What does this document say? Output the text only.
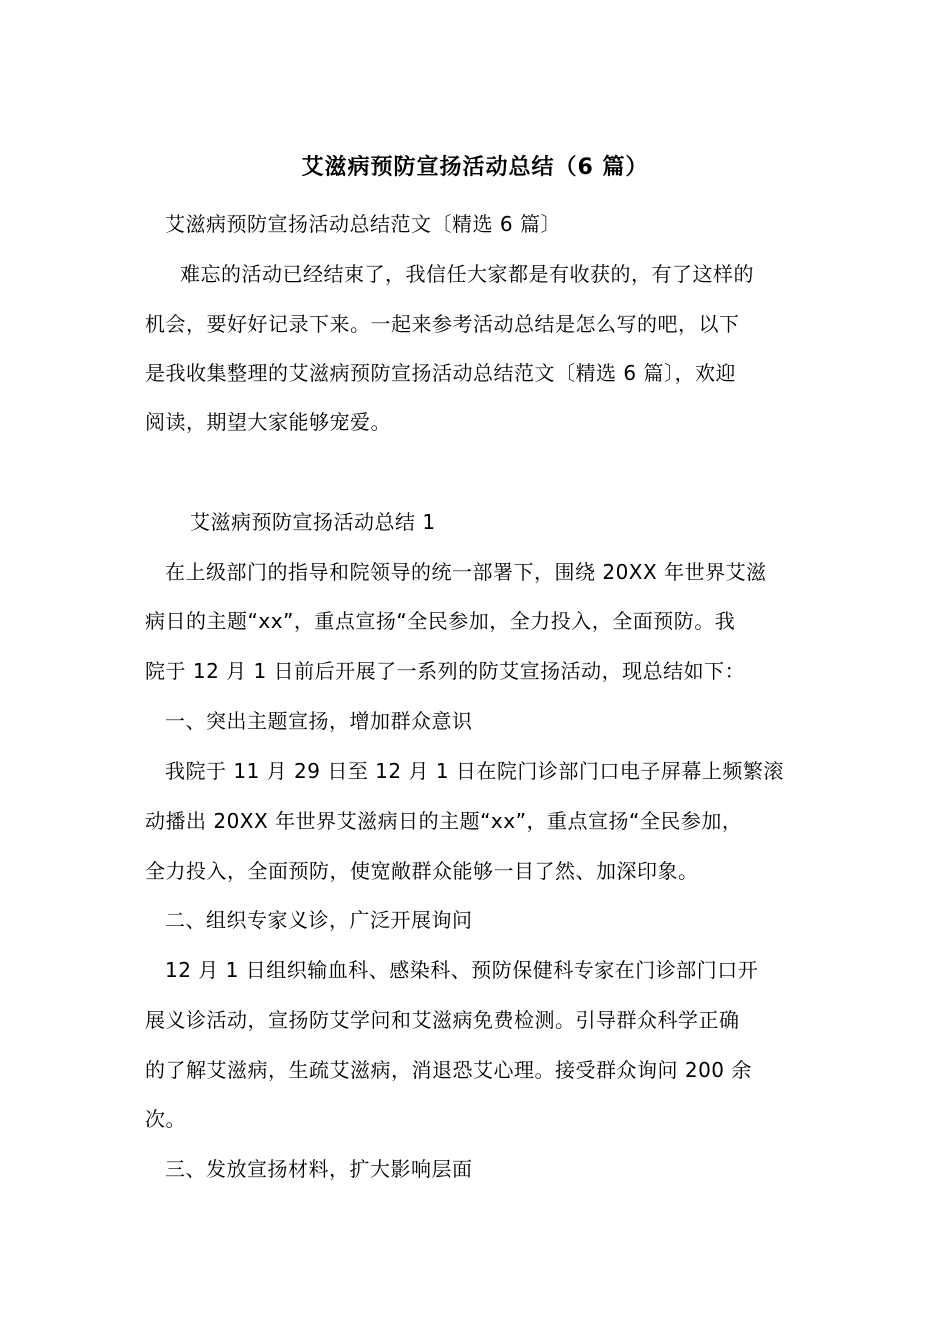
艾滋病预防宣扬活动总结（6 篇）
艾滋病预防宣扬活动总结范文〔精选 6 篇〕
难忘的活动已经结束了，我信任大家都是有收获的，有了这样的
机会，要好好记录下来。一起来参考活动总结是怎么写的吧，以下
是我收集整理的艾滋病预防宣扬活动总结范文〔精选 6 篇〕，欢迎
阅读，期望大家能够宠爱。
艾滋病预防宣扬活动总结 1
在上级部门的指导和院领导的统一部署下，围绕 20XX 年世界艾滋
病日的主题“xx”，重点宣扬“全民参加，全力投入，全面预防。我
院于 12 月 1 日前后开展了一系列的防艾宣扬活动，现总结如下：
一、突出主题宣扬，增加群众意识
我院于 11 月 29 日至 12 月 1 日在院门诊部门口电子屏幕上频繁滚
动播出 20XX 年世界艾滋病日的主题“xx”，重点宣扬“全民参加，
全力投入，全面预防，使宽敞群众能够一目了然、加深印象。
二、组织专家义诊，广泛开展询问
12 月 1 日组织输血科、感染科、预防保健科专家在门诊部门口开
展义诊活动，宣扬防艾学问和艾滋病免费检测。引导群众科学正确
的了解艾滋病，生疏艾滋病，消退恐艾心理。接受群众询问 200 余
次。
三、发放宣扬材料，扩大影响层面
